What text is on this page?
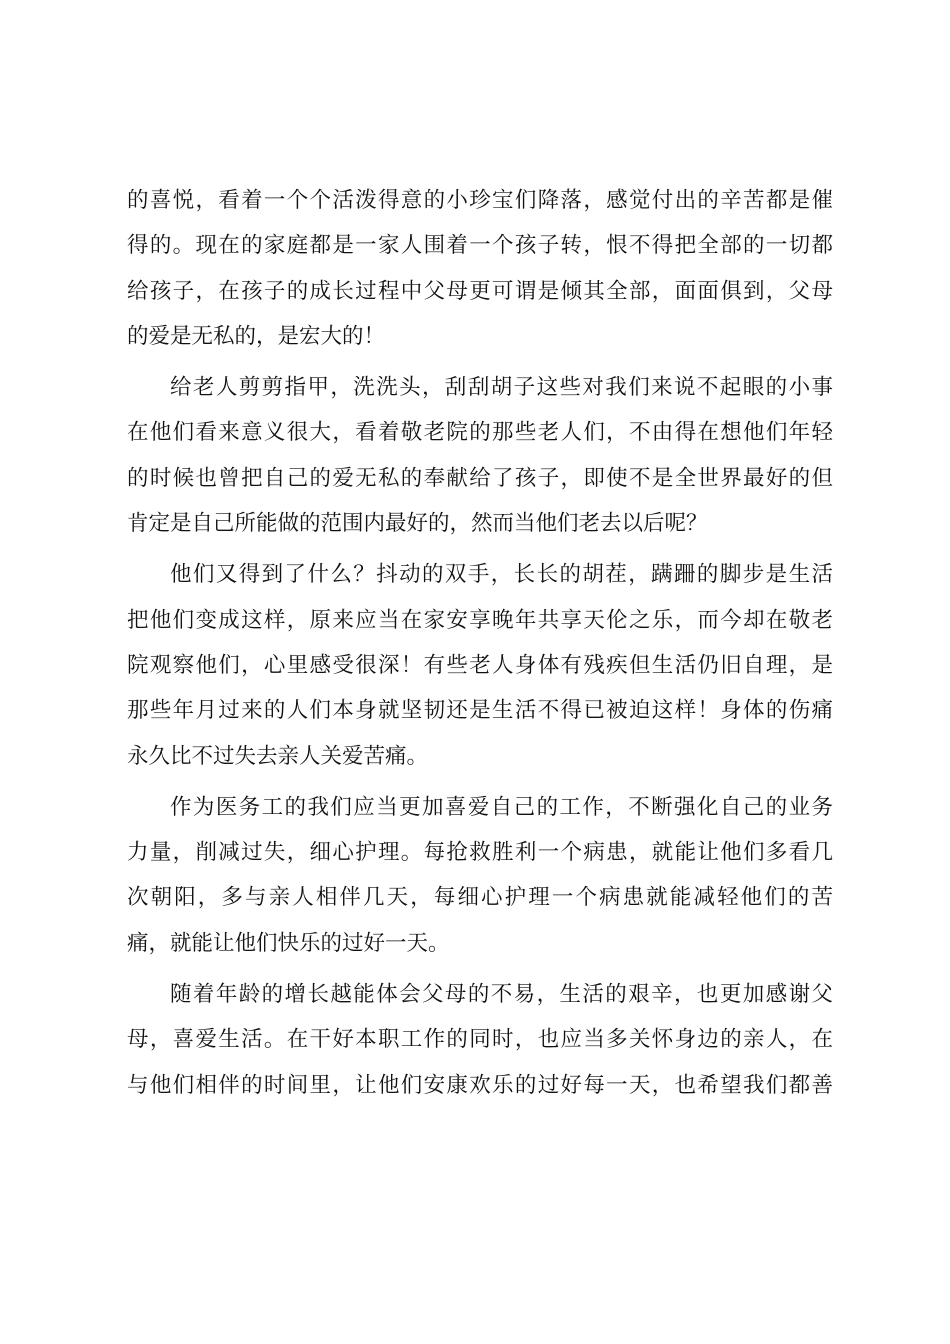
的喜悦，看着一个个活泼得意的小珍宝们降落，感觉付出的辛苦都是催
得的。现在的家庭都是一家人围着一个孩子转，恨不得把全部的一切都
给孩子，在孩子的成长过程中父母更可谓是倾其全部，面面俱到，父母
的爱是无私的，是宏大的！
给老人剪剪指甲，洗洗头，刮刮胡子这些对我们来说不起眼的小事
在他们看来意义很大，看着敬老院的那些老人们，不由得在想他们年轻
的时候也曾把自己的爱无私的奉献给了孩子，即使不是全世界最好的但
肯定是自己所能做的范围内最好的，然而当他们老去以后呢？
他们又得到了什么？抖动的双手，长长的胡茬，蹒跚的脚步是生活
把他们变成这样，原来应当在家安享晚年共享天伦之乐，而今却在敬老
院观察他们，心里感受很深！有些老人身体有残疾但生活仍旧自理，是
那些年月过来的人们本身就坚韧还是生活不得已被迫这样！身体的伤痛
永久比不过失去亲人关爱苦痛。
作为医务工的我们应当更加喜爱自己的工作，不断强化自己的业务
力量，削减过失，细心护理。每抢救胜利一个病患，就能让他们多看几
次朝阳，多与亲人相伴几天，每细心护理一个病患就能减轻他们的苦
痛，就能让他们快乐的过好一天。
随着年龄的增长越能体会父母的不易，生活的艰辛，也更加感谢父
母，喜爱生活。在干好本职工作的同时，也应当多关怀身边的亲人，在
与他们相伴的时间里，让他们安康欢乐的过好每一天，也希望我们都善
